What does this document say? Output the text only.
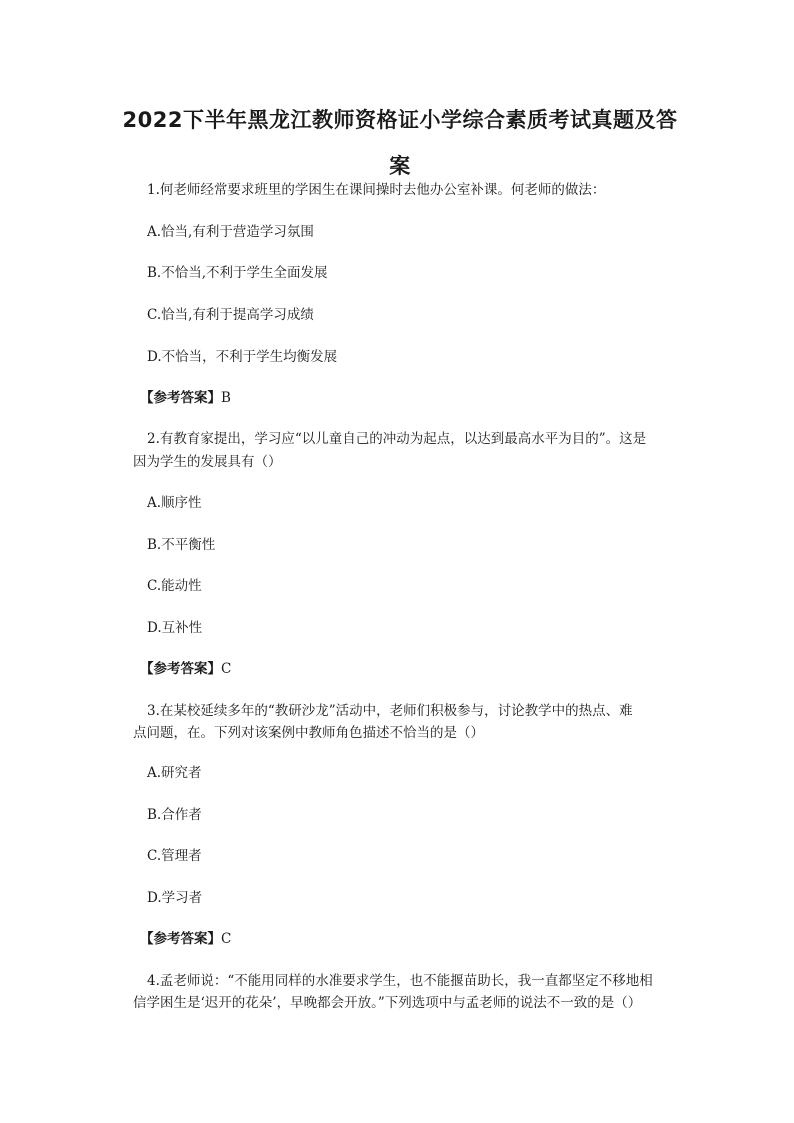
2022下半年黑龙江教师资格证小学综合素质考试真题及答
案
1.何老师经常要求班里的学困生在课间操时去他办公室补课。何老师的做法：
A.恰当,有利于营造学习氛围
B.不恰当,不利于学生全面发展
C.恰当,有利于提高学习成绩
D.不恰当，不利于学生均衡发展
【参考答案】B
2.有教育家提出，学习应“以儿童自己的冲动为起点，以达到最高水平为目的”。这是
因为学生的发展具有（）
A.顺序性
B.不平衡性
C.能动性
D.互补性
【参考答案】C
3.在某校延续多年的“教研沙龙”活动中，老师们积极参与，讨论教学中的热点、难
点问题，在。下列对该案例中教师角色描述不恰当的是（）
A.研究者
B.合作者
C.管理者
D.学习者
【参考答案】C
4.孟老师说：“不能用同样的水准要求学生，也不能揠苗助长，我一直都坚定不移地相
信学困生是‘迟开的花朵’，早晚都会开放。”下列选项中与孟老师的说法不一致的是（）
